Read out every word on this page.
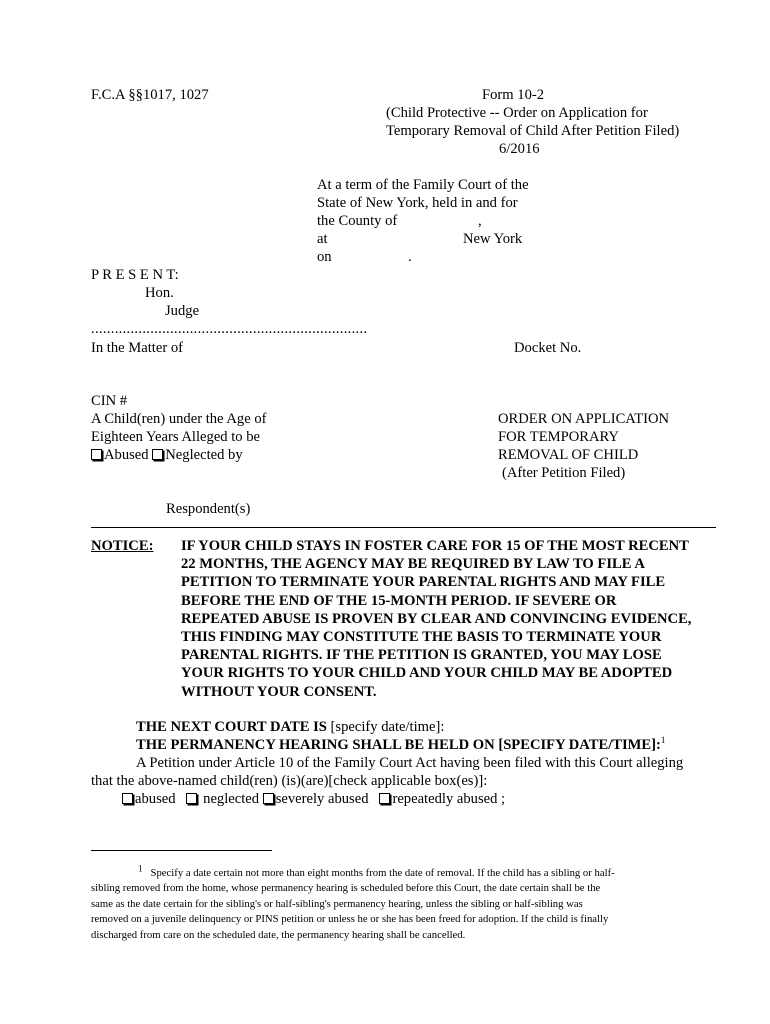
F.C.A §§1017, 1027	Form 10-2
(Child Protective -- Order on Application for
Temporary Removal of Child After Petition Filed)
6/2016
At a term of the Family Court of the
State of New York, held in and for
the County of	,
at	New York
on	.
P R E S E N T:
Hon.
Judge
......................................................................
In the Matter of	Docket No.
CIN #
A Child(ren) under the Age of
Eighteen Years Alleged to be
Abused Neglected by
ORDER ON APPLICATION
FOR TEMPORARY
REMOVAL OF CHILD
(After Petition Filed)
Respondent(s)
NOTICE: IF YOUR CHILD STAYS IN FOSTER CARE FOR 15 OF THE MOST RECENT
22 MONTHS, THE AGENCY MAY BE REQUIRED BY LAW TO FILE A
PETITION TO TERMINATE YOUR PARENTAL RIGHTS AND MAY FILE
BEFORE THE END OF THE 15-MONTH PERIOD. IF SEVERE OR
REPEATED ABUSE IS PROVEN BY CLEAR AND CONVINCING EVIDENCE,
THIS FINDING MAY CONSTITUTE THE BASIS TO TERMINATE YOUR
PARENTAL RIGHTS. IF THE PETITION IS GRANTED, YOU MAY LOSE
YOUR RIGHTS TO YOUR CHILD AND YOUR CHILD MAY BE ADOPTED
WITHOUT YOUR CONSENT.
THE NEXT COURT DATE IS [specify date/time]:
THE PERMANENCY HEARING SHALL BE HELD ON [SPECIFY DATE/TIME]:$^1$
A Petition under Article 10 of the Family Court Act having been filed with this Court alleging
that the above-named child(ren) (is)(are)[check applicable box(es)]:
abused neglected severely abused repeatedly abused ;
$^1$ Specify a date certain not more than eight months from the date of removal. If the child has a sibling or half-
sibling removed from the home, whose permanency hearing is scheduled before this Court, the date certain shall be the
same as the date certain for the sibling's or half-sibling's permanency hearing, unless the sibling or half-sibling was
removed on a juvenile delinquency or PINS petition or unless he or she has been freed for adoption. If the child is finally
discharged from care on the scheduled date, the permanency hearing shall be cancelled.
